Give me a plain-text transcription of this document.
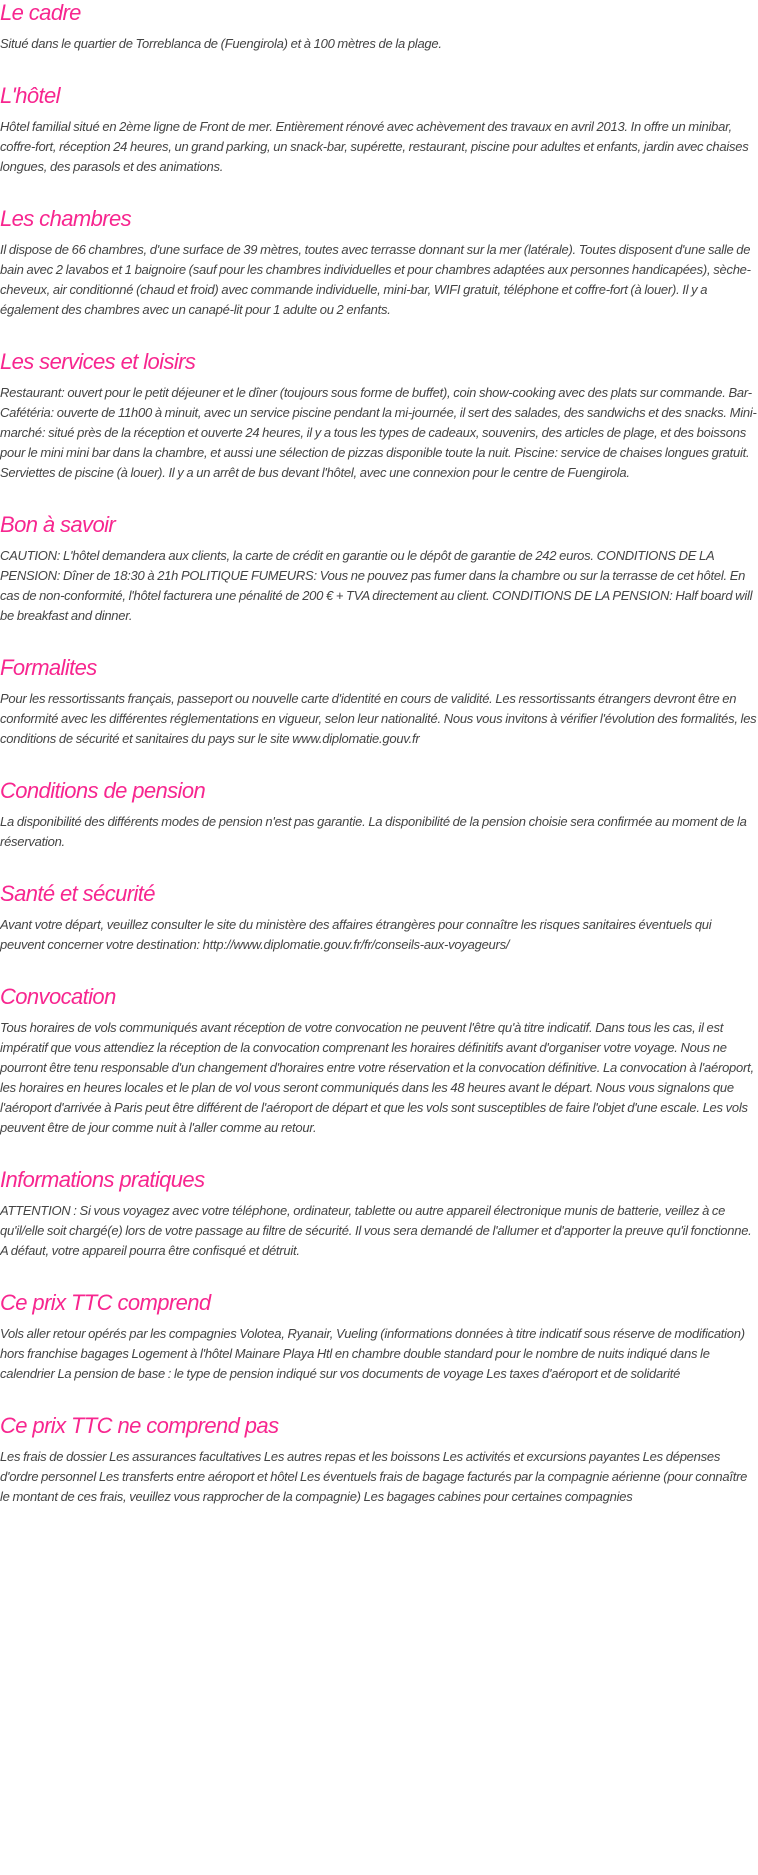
Le cadre

Situé dans le quartier de Torreblanca de (Fuengirola) et à 100 mètres de la plage.

L'hôtel

Hôtel familial situé en 2ème ligne de Front de mer. Entièrement rénové avec achèvement des travaux en avril 2013. In offre un minibar, coffre-fort, réception 24 heures, un grand parking, un snack-bar, supérette, restaurant, piscine pour adultes et enfants, jardin avec chaises longues, des parasols et des animations.

Les chambres

Il dispose de 66 chambres, d'une surface de 39 mètres, toutes avec terrasse donnant sur la mer (latérale). Toutes disposent d'une salle de bain avec 2 lavabos et 1 baignoire (sauf pour les chambres individuelles et pour chambres adaptées aux personnes handicapées), sèche-cheveux, air conditionné (chaud et froid) avec commande individuelle, mini-bar, WIFI gratuit, téléphone et coffre-fort (à louer). Il y a également des chambres avec un canapé-lit pour 1 adulte ou 2 enfants.

Les services et loisirs

Restaurant: ouvert pour le petit déjeuner et le dîner (toujours sous forme de buffet), coin show-cooking avec des plats sur commande. Bar-Cafétéria: ouverte de 11h00 à minuit, avec un service piscine pendant la mi-journée, il sert des salades, des sandwichs et des snacks. Mini-marché: situé près de la réception et ouverte 24 heures, il y a tous les types de cadeaux, souvenirs, des articles de plage, et des boissons pour le mini mini bar dans la chambre, et aussi une sélection de pizzas disponible toute la nuit. Piscine: service de chaises longues gratuit. Serviettes de piscine (à louer). Il y a un arrêt de bus devant l'hôtel, avec une connexion pour le centre de Fuengirola.

Bon à savoir

CAUTION: L'hôtel demandera aux clients, la carte de crédit en garantie ou le dépôt de garantie de 242 euros. CONDITIONS DE LA PENSION: Dîner de 18:30 à 21h POLITIQUE FUMEURS: Vous ne pouvez pas fumer dans la chambre ou sur la terrasse de cet hôtel. En cas de non-conformité, l'hôtel facturera une pénalité de 200 € + TVA directement au client. CONDITIONS DE LA PENSION: Half board will be breakfast and dinner.

Formalites

Pour les ressortissants français, passeport ou nouvelle carte d'identité en cours de validité. Les ressortissants étrangers devront être en conformité avec les différentes réglementations en vigueur, selon leur nationalité. Nous vous invitons à vérifier l'évolution des formalités, les conditions de sécurité et sanitaires du pays sur le site www.diplomatie.gouv.fr

Conditions de pension

La disponibilité des différents modes de pension n'est pas garantie. La disponibilité de la pension choisie sera confirmée au moment de la réservation.

Santé et sécurité

Avant votre départ, veuillez consulter le site du ministère des affaires étrangères pour connaître les risques sanitaires éventuels qui peuvent concerner votre destination: http://www.diplomatie.gouv.fr/fr/conseils-aux-voyageurs/

Convocation

Tous horaires de vols communiqués avant réception de votre convocation ne peuvent l'être qu'à titre indicatif. Dans tous les cas, il est impératif que vous attendiez la réception de la convocation comprenant les horaires définitifs avant d'organiser votre voyage. Nous ne pourront être tenu responsable d'un changement d'horaires entre votre réservation et la convocation définitive. La convocation à l'aéroport, les horaires en heures locales et le plan de vol vous seront communiqués dans les 48 heures avant le départ. Nous vous signalons que l'aéroport d'arrivée à Paris peut être différent de l'aéroport de départ et que les vols sont susceptibles de faire l'objet d'une escale. Les vols peuvent être de jour comme nuit à l'aller comme au retour.

Informations pratiques

ATTENTION : Si vous voyagez avec votre téléphone, ordinateur, tablette ou autre appareil électronique munis de batterie, veillez à ce qu'il/elle soit chargé(e) lors de votre passage au filtre de sécurité. Il vous sera demandé de l'allumer et d'apporter la preuve qu'il fonctionne. A défaut, votre appareil pourra être confisqué et détruit.

Ce prix TTC comprend

Vols aller retour opérés par les compagnies Volotea, Ryanair, Vueling (informations données à titre indicatif sous réserve de modification) hors franchise bagages Logement à l'hôtel Mainare Playa Htl en chambre double standard pour le nombre de nuits indiqué dans le calendrier La pension de base : le type de pension indiqué sur vos documents de voyage Les taxes d'aéroport et de solidarité

Ce prix TTC ne comprend pas

Les frais de dossier Les assurances facultatives Les autres repas et les boissons Les activités et excursions payantes Les dépenses d'ordre personnel Les transferts entre aéroport et hôtel Les éventuels frais de bagage facturés par la compagnie aérienne (pour connaître le montant de ces frais, veuillez vous rapprocher de la compagnie) Les bagages cabines pour certaines compagnies
